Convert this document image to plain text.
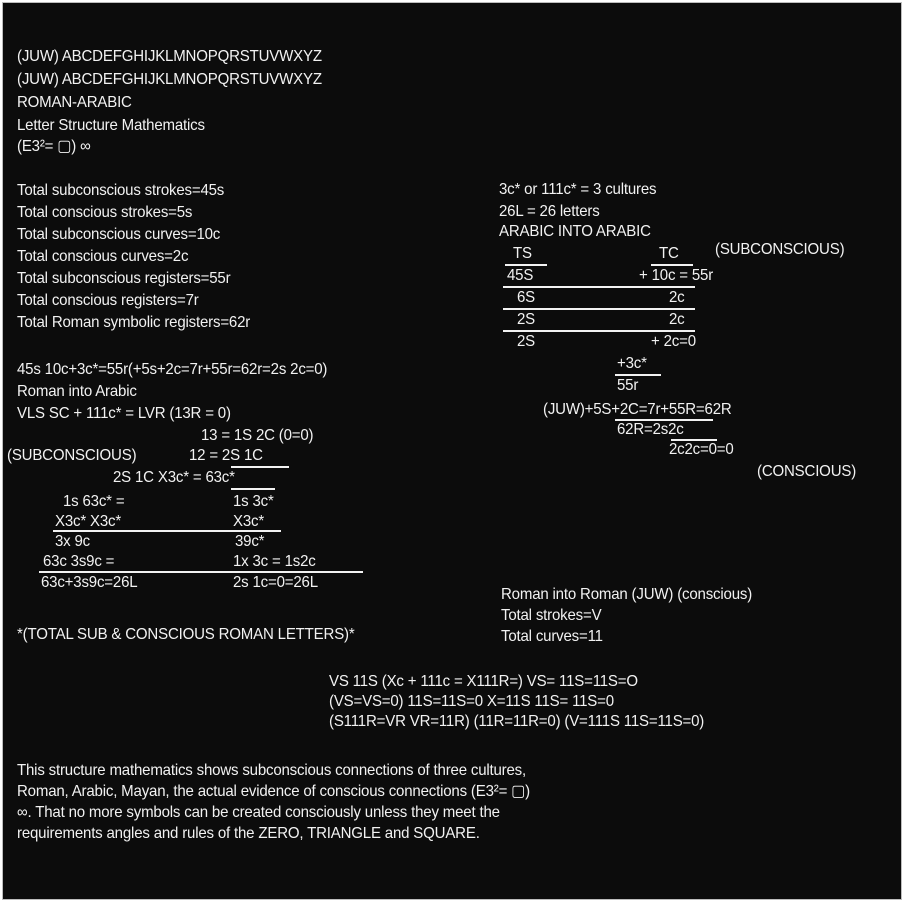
(JUW) ABCDEFGHIJKLMNOPQRSTUVWXYZ
(JUW) ABCDEFGHIJKLMNOPQRSTUVWXYZ
ROMAN-ARABIC
Letter Structure Mathematics
(E3²= ▢) ∞
Total subconscious strokes=45s
Total conscious strokes=5s
Total subconscious curves=10c
Total conscious curves=2c
Total subconscious registers=55r
Total conscious registers=7r
Total Roman symbolic registers=62r
45s 10c+3c*=55r(+5s+2c=7r+55r=62r=2s 2c=0)
Roman into Arabic
VLS SC + 111c* = LVR (13R = 0)
13 = 1S 2C (0=0)
(SUBCONSCIOUS)	12 = 2S 1C
2S 1C X3c* = 63c*
1s 63c* =	1s 3c*
X3c* X3c*	X3c*
3x 9c	39c*
63c 3s9c =	1x 3c = 1s2c
63c+3s9c=26L	2s 1c=0=26L
*(TOTAL SUB & CONSCIOUS ROMAN LETTERS)*
3c* or 111c* = 3 cultures
26L = 26 letters
ARABIC INTO ARABIC
TS	TC (SUBCONSCIOUS)
45S	+ 10c = 55r
6S	2c
2S	2c
2S	+ 2c=0
+3c*
55r
(JUW)+5S+2C=7r+55R=62R
62R=2s2c
2c2c=0=0
(CONSCIOUS)
Roman into Roman (JUW) (conscious)
Total strokes=V
Total curves=11
VS 11S (Xc + 111c = X111R=) VS= 11S=11S=O
(VS=VS=0) 11S=11S=0 X=11S 11S= 11S=0
(S111R=VR VR=11R) (11R=11R=0) (V=111S 11S=11S=0)
This structure mathematics shows subconscious connections of three cultures, Roman, Arabic, Mayan, the actual evidence of conscious connections (E3²= ▢) ∞. That no more symbols can be created consciously unless they meet the requirements angles and rules of the ZERO, TRIANGLE and SQUARE.
